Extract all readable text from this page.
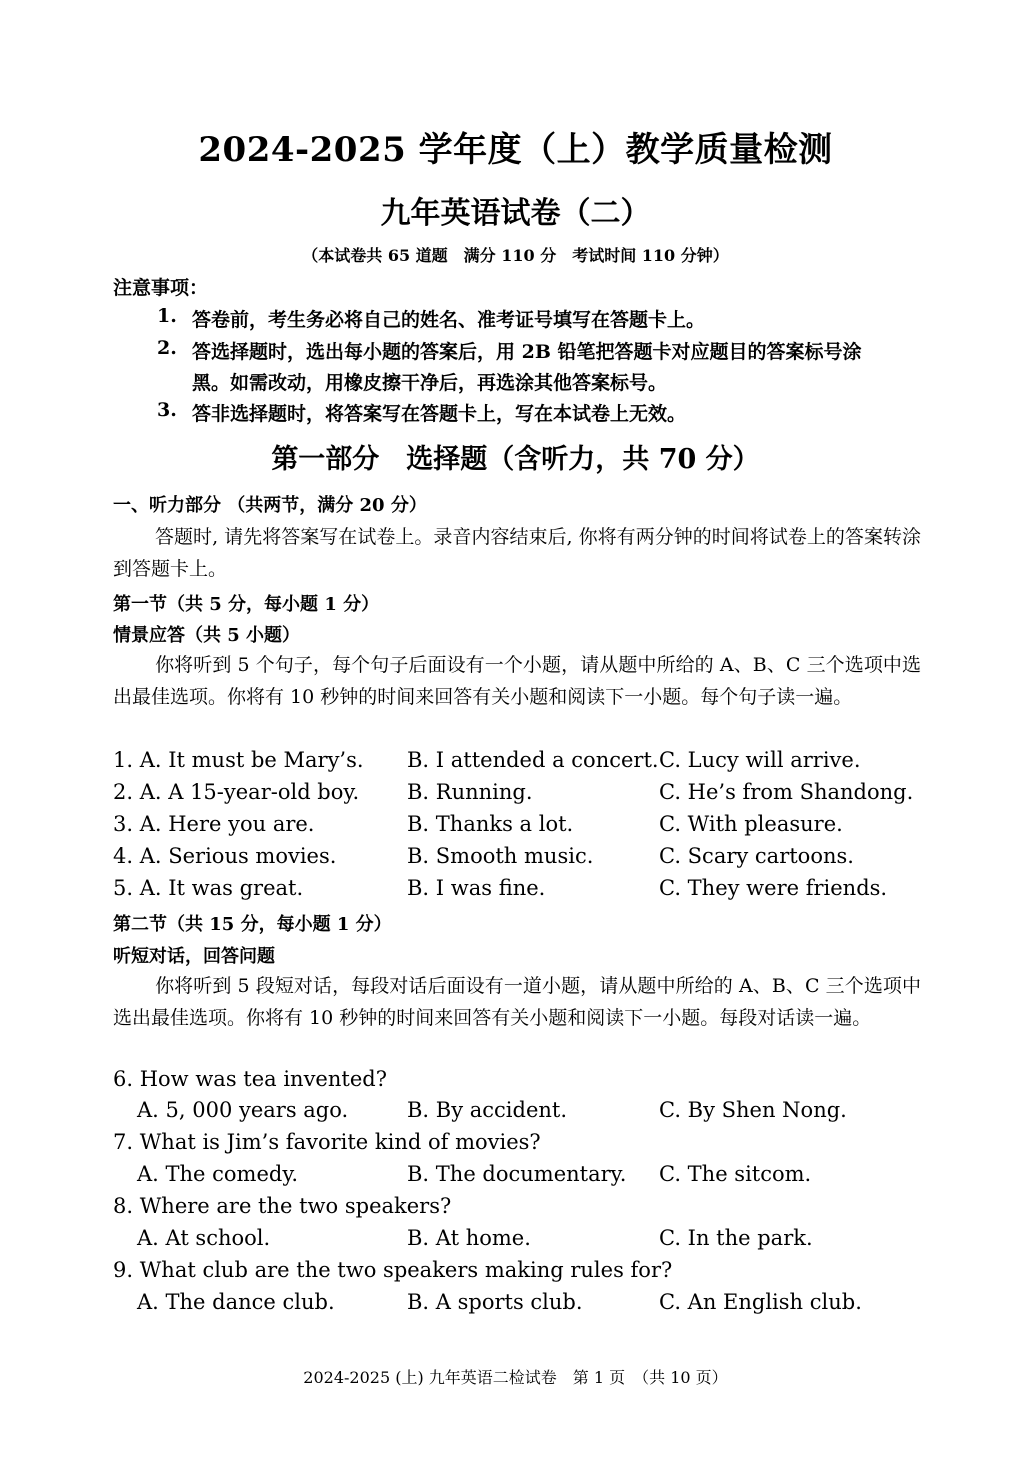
2024-2025 学年度（上）教学质量检测
九年英语试卷（二）
（本试卷共 65 道题　满分 110 分　考试时间 110 分钟）
注意事项：
1. 答卷前，考生务必将自己的姓名、准考证号填写在答题卡上。
2. 答选择题时，选出每小题的答案后，用 2B 铅笔把答题卡对应题目的答案标号涂
黑。如需改动，用橡皮擦干净后，再选涂其他答案标号。
3. 答非选择题时，将答案写在答题卡上，写在本试卷上无效。
第一部分　选择题（含听力，共 70 分）
一、听力部分 （共两节，满分 20 分）
答题时, 请先将答案写在试卷上。录音内容结束后, 你将有两分钟的时间将试卷上的答案转涂到答题卡上。
第一节（共 5 分，每小题 1 分）
情景应答（共 5 小题）
你将听到 5 个句子，每个句子后面设有一个小题，请从题中所给的 A、B、C 三个选项中选出最佳选项。你将有 10 秒钟的时间来回答有关小题和阅读下一小题。每个句子读一遍。
1. A. It must be Mary’s. B. I attended a concert. C. Lucy will arrive.
2. A. A 15-year-old boy. B. Running.	C. He’s from Shandong.
3. A. Here you are.	B. Thanks a lot.	C. With pleasure.
4. A. Serious movies.	B. Smooth music.	C. Scary cartoons.
5. A. It was great.	B. I was fine.	C. They were friends.
第二节（共 15 分，每小题 1 分）
听短对话，回答问题
你将听到 5 段短对话，每段对话后面设有一道小题，请从题中所给的 A、B、C 三个选项中选出最佳选项。你将有 10 秒钟的时间来回答有关小题和阅读下一小题。每段对话读一遍。
6. How was tea invented?
A. 5, 000 years ago.	B. By accident.	C. By Shen Nong.
7. What is Jim’s favorite kind of movies?
A. The comedy.	B. The documentary. C. The sitcom.
8. Where are the two speakers?
A. At school.	B. At home.	C. In the park.
9. What club are the two speakers making rules for?
A. The dance club.	B. A sports club.	C. An English club.
2024-2025 (上) 九年英语二检试卷　第 1 页　（共 10 页）
